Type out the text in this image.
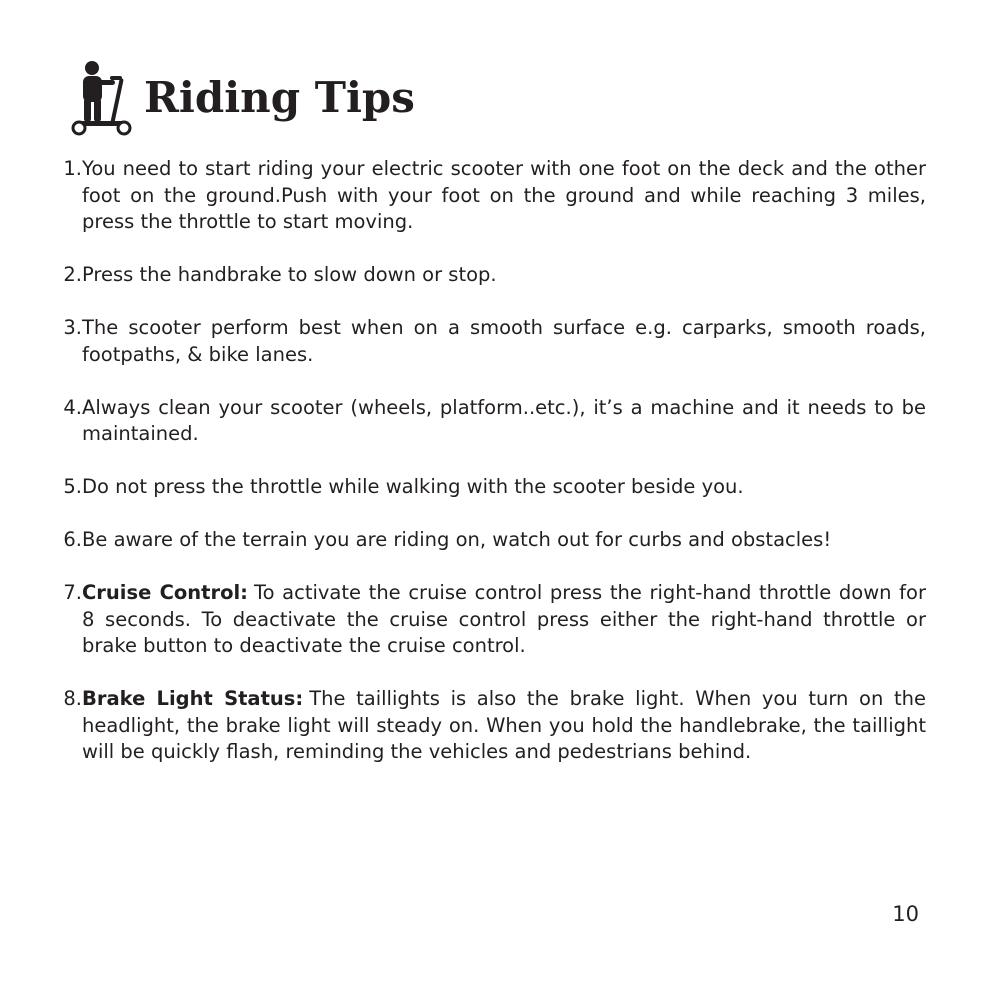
Riding Tips
1. You need to start riding your electric scooter with one foot on the deck and the other foot on the ground.Push with your foot on the ground and while reaching 3 miles, press the throttle to start moving.
2. Press the handbrake to slow down or stop.
3. The scooter perform best when on a smooth surface e.g. carparks, smooth roads, footpaths, & bike lanes.
4. Always clean your scooter (wheels, platform..etc.), it’s a machine and it needs to be maintained.
5. Do not press the throttle while walking with the scooter beside you.
6. Be aware of the terrain you are riding on, watch out for curbs and obstacles!
7. Cruise Control: To activate the cruise control press the right-hand throttle down for 8 seconds. To deactivate the cruise control press either the right-hand throttle or brake button to deactivate the cruise control.
8. Brake Light Status: The taillights is also the brake light. When you turn on the headlight, the brake light will steady on. When you hold the handlebrake, the taillight will be quickly flash, reminding the vehicles and pedestrians behind.
10
